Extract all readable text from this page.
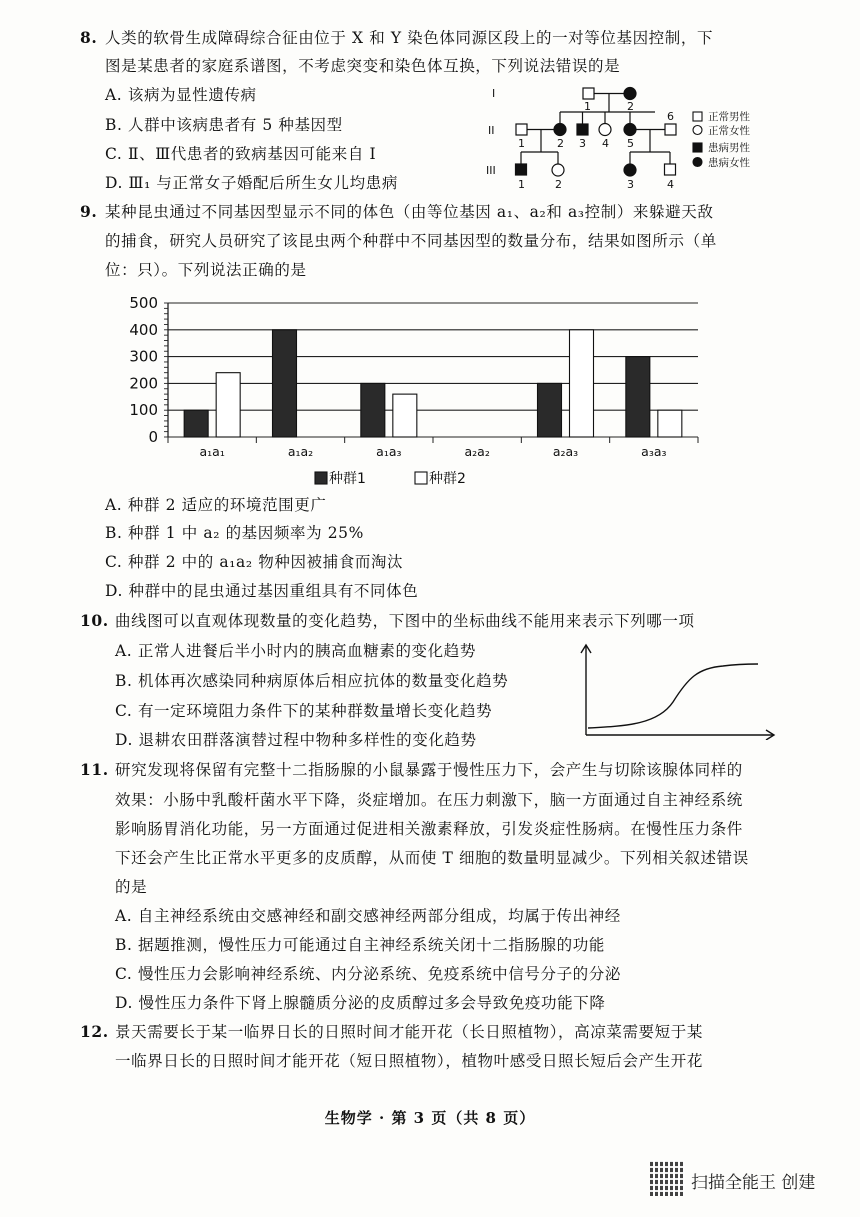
8. 人类的软骨生成障碍综合征由位于 X 和 Y 染色体同源区段上的一对等位基因控制，下
图是某患者的家庭系谱图，不考虑突变和染色体互换，下列说法错误的是
A. 该病为显性遗传病
B. 人群中该病患者有 5 种基因型
C. Ⅱ、Ⅲ代患者的致病基因可能来自 Ⅰ
D. Ⅲ₁ 与正常女子婚配后所生女儿均患病
I
II
III
1	2
1	2 3 4 5
6
1	2	3	4
正常男性
正常女性
患病男性
患病女性
9. 某种昆虫通过不同基因型显示不同的体色（由等位基因 a₁、a₂和 a₃控制）来躲避天敌
的捕食，研究人员研究了该昆虫两个种群中不同基因型的数量分布，结果如图所示（单
位：只）。下列说法正确的是
0
100
200
300
400
500
a₁a₁	a₁a₂	a₁a₃	a₂a₂	a₂a₃	a₃a₃
种群1	种群2
A. 种群 2 适应的环境范围更广
B. 种群 1 中 a₂ 的基因频率为 25%
C. 种群 2 中的 a₁a₂ 物种因被捕食而淘汰
D. 种群中的昆虫通过基因重组具有不同体色
10. 曲线图可以直观体现数量的变化趋势，下图中的坐标曲线不能用来表示下列哪一项
A. 正常人进餐后半小时内的胰高血糖素的变化趋势
B. 机体再次感染同种病原体后相应抗体的数量变化趋势
C. 有一定环境阻力条件下的某种群数量增长变化趋势
D. 退耕农田群落演替过程中物种多样性的变化趋势
11. 研究发现将保留有完整十二指肠腺的小鼠暴露于慢性压力下，会产生与切除该腺体同样的
效果：小肠中乳酸杆菌水平下降，炎症增加。在压力刺激下，脑一方面通过自主神经系统
影响肠胃消化功能，另一方面通过促进相关激素释放，引发炎症性肠病。在慢性压力条件
下还会产生比正常水平更多的皮质醇，从而使 T 细胞的数量明显减少。下列相关叙述错误
的是
A. 自主神经系统由交感神经和副交感神经两部分组成，均属于传出神经
B. 据题推测，慢性压力可能通过自主神经系统关闭十二指肠腺的功能
C. 慢性压力会影响神经系统、内分泌系统、免疫系统中信号分子的分泌
D. 慢性压力条件下肾上腺髓质分泌的皮质醇过多会导致免疫功能下降
12. 景天需要长于某一临界日长的日照时间才能开花（长日照植物），高凉菜需要短于某
一临界日长的日照时间才能开花（短日照植物），植物叶感受日照长短后会产生开花
生物学 · 第 3 页（共 8 页）
扫描全能王 创建
